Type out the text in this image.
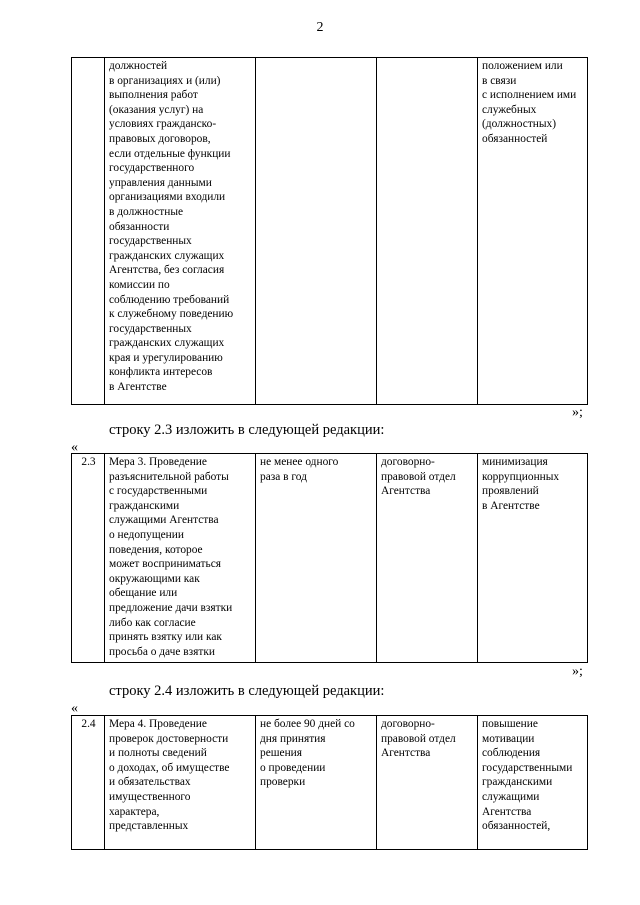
2
	должностей
в организациях и (или)
выполнения работ
(оказания услуг) на
условиях гражданско-
правовых договоров,
если отдельные функции
государственного
управления данными
организациями входили
в должностные
обязанности
государственных
гражданских служащих
Агентства, без согласия
комиссии по
соблюдению требований
к служебному поведению
государственных
гражданских служащих
края и урегулированию
конфликта интересов
в Агентстве			положением или
в связи
с исполнением ими
служебных
(должностных)
обязанностей
»;
строку 2.3 изложить в следующей редакции:
«
2.3	Мера 3. Проведение
разъяснительной работы
с государственными
гражданскими
служащими Агентства
о недопущении
поведения, которое
может восприниматься
окружающими как
обещание или
предложение дачи взятки
либо как согласие
принять взятку или как
просьба о даче взятки	не менее одного
раза в год	договорно-
правовой отдел
Агентства	минимизация
коррупционных
проявлений
в Агентстве
»;
строку 2.4 изложить в следующей редакции:
«
2.4	Мера 4. Проведение
проверок достоверности
и полноты сведений
о доходах, об имуществе
и обязательствах
имущественного
характера,
представленных	не более 90 дней со
дня принятия
решения
о проведении
проверки	договорно-
правовой отдел
Агентства	повышение
мотивации
соблюдения
государственными
гражданскими
служащими
Агентства
обязанностей,
